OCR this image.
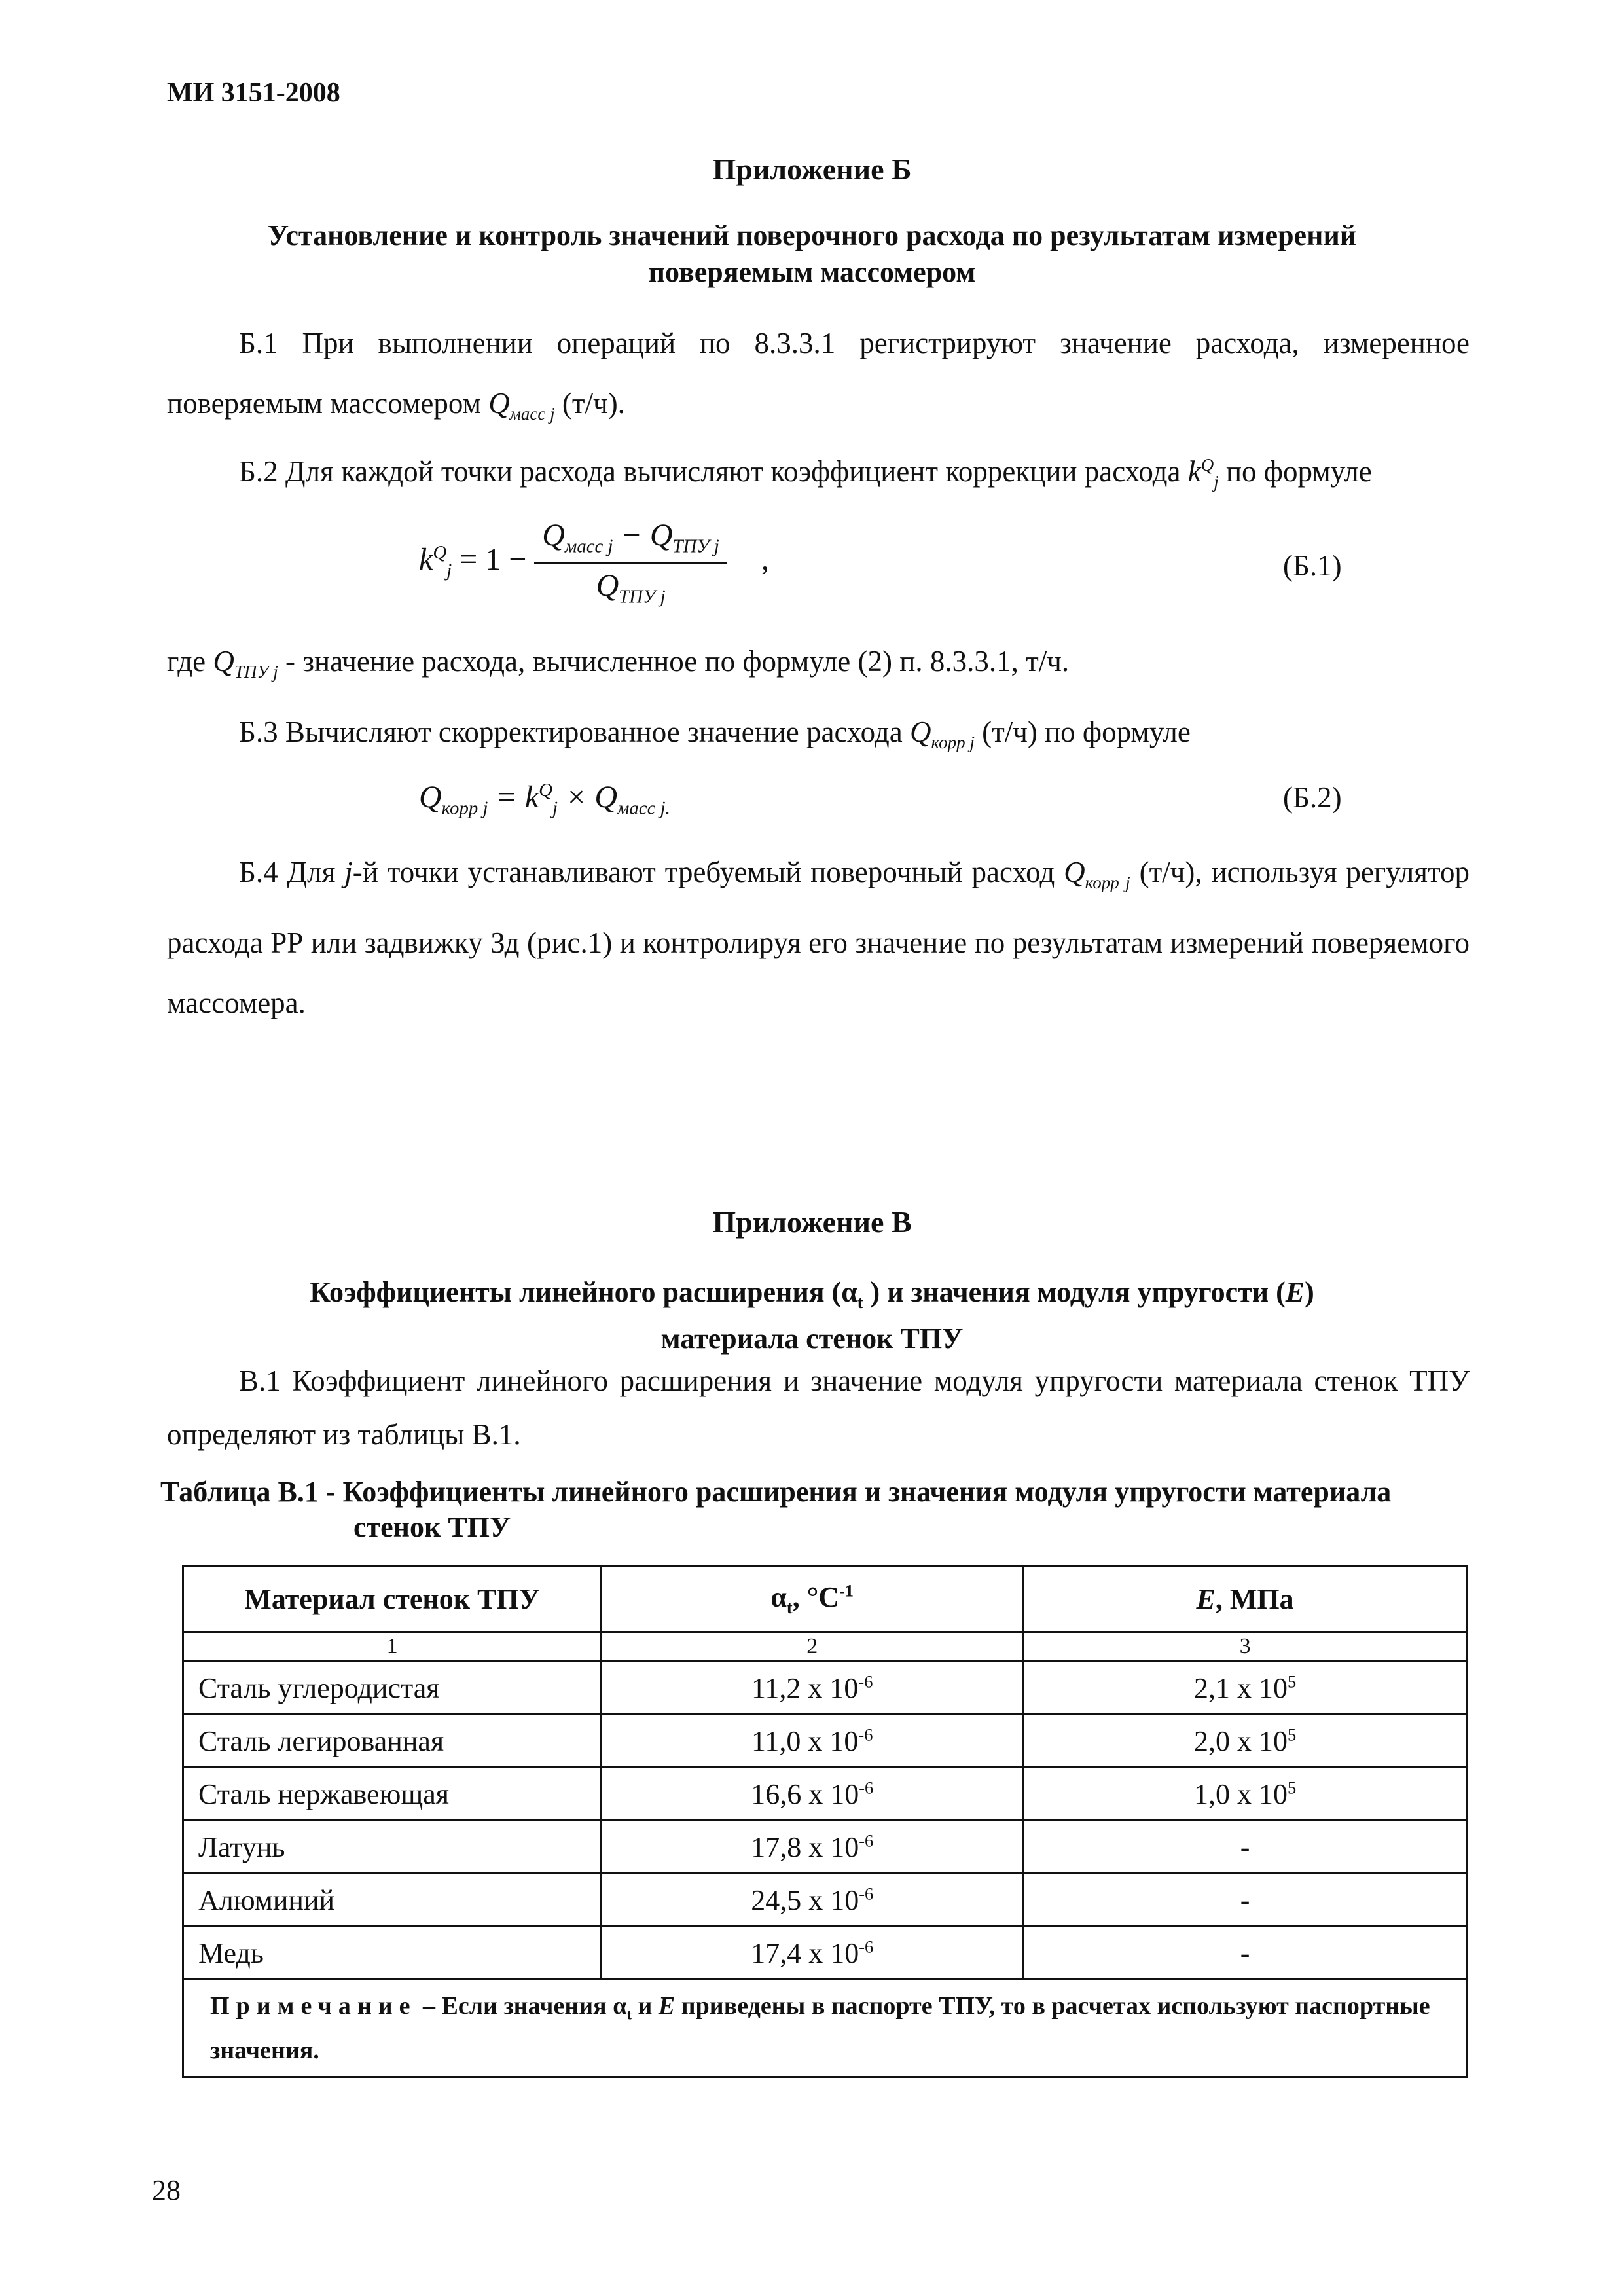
МИ 3151-2008
Приложение Б
Установление и контроль значений поверочного расхода по результатам измерений
поверяемым массомером
Б.1 При выполнении операций по 8.3.3.1 регистрируют значение расхода, измеренное поверяемым массомером $Q_{масс j}$ (т/ч).
Б.2 Для каждой точки расхода вычисляют коэффициент коррекции расхода $k^Q_j$ по формуле
$k^Q_j = 1 - \frac{Q_{масс j} - Q_{ТПУ j}}{Q_{ТПУ j}}$ ,	(Б.1)
где $Q_{ТПУ j}$ - значение расхода, вычисленное по формуле (2) п. 8.3.3.1, т/ч.
Б.3 Вычисляют скорректированное значение расхода $Q_{корр j}$ (т/ч) по формуле
$Q_{корр j} = k^Q_j \times Q_{масс j.}$	(Б.2)
Б.4 Для j-й точки устанавливают требуемый поверочный расход $Q_{корр j}$ (т/ч), используя регулятор расхода РР или задвижку Зд (рис.1) и контролируя его значение по результатам измерений поверяемого массомера.
Приложение В
Коэффициенты линейного расширения ($\alpha_t$ ) и значения модуля упругости (E)
материала стенок ТПУ
В.1 Коэффициент линейного расширения и значение модуля упругости материала стенок ТПУ определяют из таблицы В.1.
Таблица В.1 - Коэффициенты линейного расширения и значения модуля упругости материала
стенок ТПУ
Материал стенок ТПУ	$\alpha_t$, $^\circ С^{-1}$	E, МПа
1	2	3
Сталь углеродистая	11,2 x $10^{-6}$	2,1 x $10^5$
Сталь легированная	11,0 x $10^{-6}$	2,0 x $10^5$
Сталь нержавеющая	16,6 x $10^{-6}$	1,0 x $10^5$
Латунь	17,8 x $10^{-6}$	-
Алюминий	24,5 x $10^{-6}$	-
Медь	17,4 x $10^{-6}$	-
Примечание – Если значения $\alpha_t$ и E приведены в паспорте ТПУ, то в расчетах используют паспортные значения.		
28
